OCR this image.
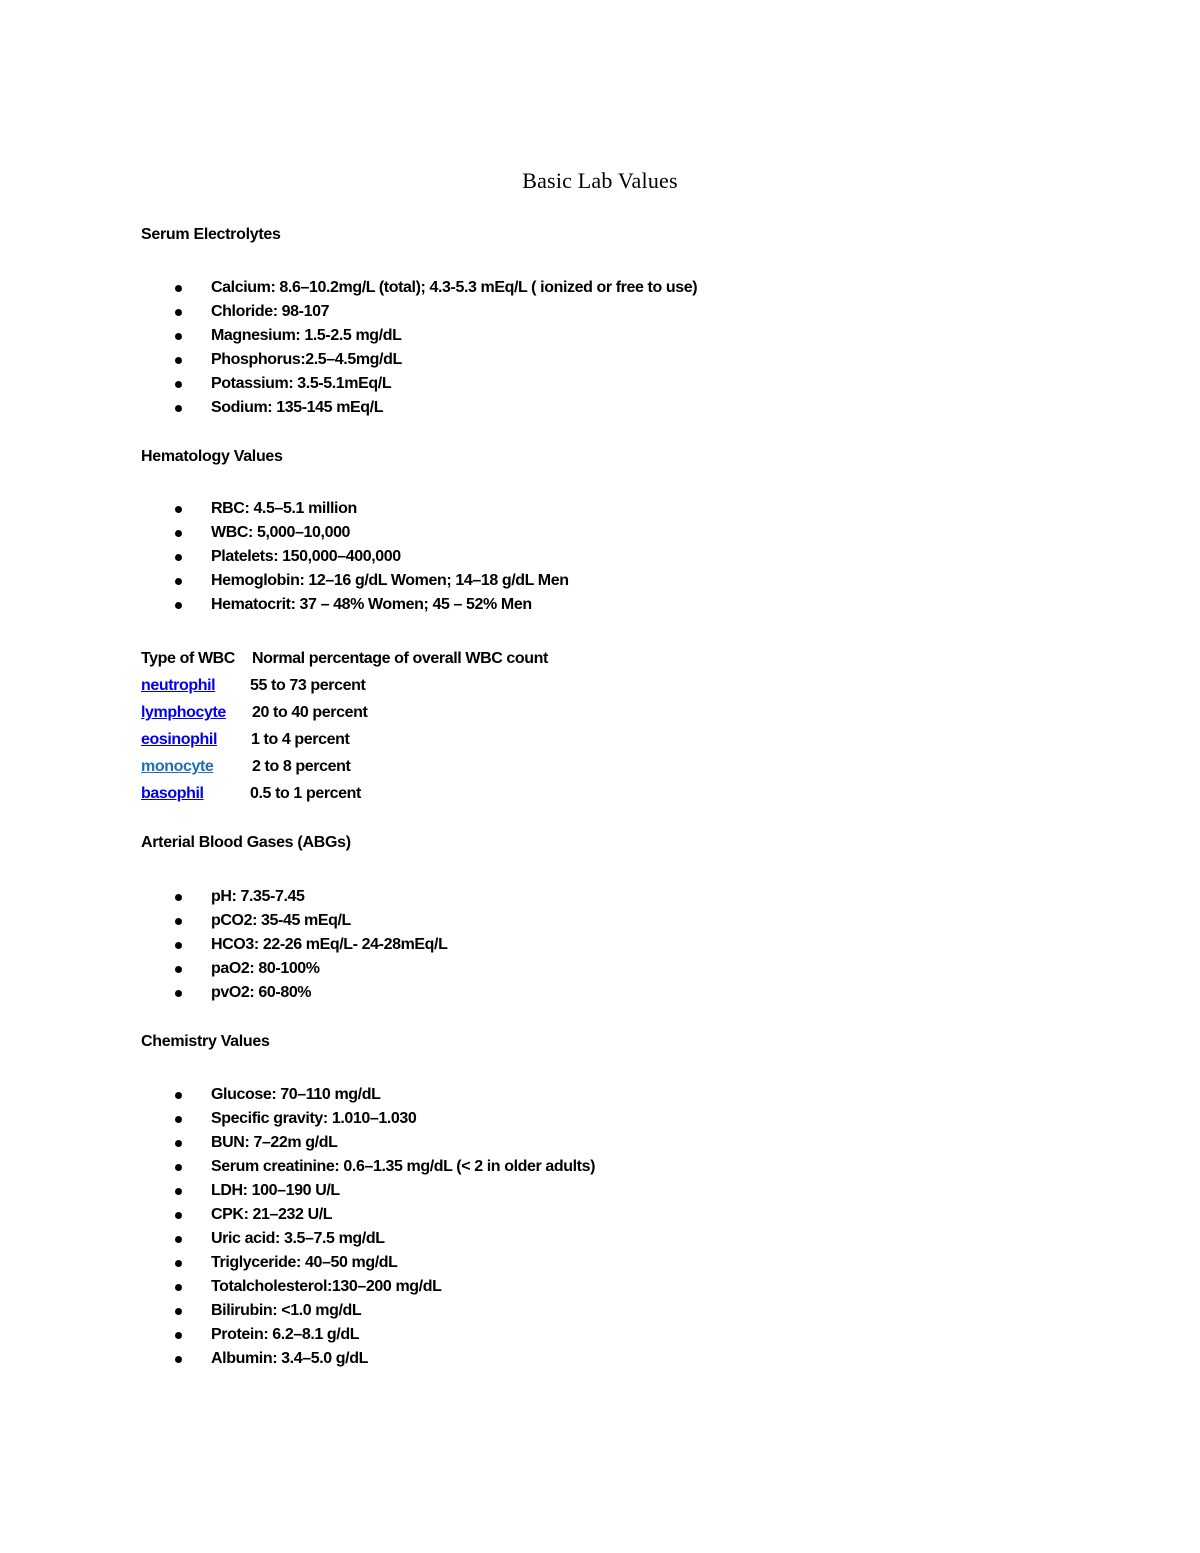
Basic Lab Values
Serum Electrolytes
Calcium: 8.6–10.2mg/L (total); 4.3-5.3 mEq/L ( ionized or free to use)
Chloride: 98-107
Magnesium: 1.5-2.5 mg/dL
Phosphorus:2.5–4.5mg/dL
Potassium: 3.5-5.1mEq/L
Sodium: 135-145 mEq/L
Hematology Values
RBC: 4.5–5.1 million
WBC: 5,000–10,000
Platelets: 150,000–400,000
Hemoglobin: 12–16 g/dL Women; 14–18 g/dL Men
Hematocrit: 37 – 48% Women; 45 – 52% Men
Type of WBC Normal percentage of overall WBC count
neutrophil 55 to 73 percent
lymphocyte 20 to 40 percent
eosinophil 1 to 4 percent
monocyte 2 to 8 percent
basophil	0.5 to 1 percent
Arterial Blood Gases (ABGs)
pH: 7.35-7.45
pCO2: 35-45 mEq/L
HCO3: 22-26 mEq/L- 24-28mEq/L
paO2: 80-100%
pvO2: 60-80%
Chemistry Values
Glucose: 70–110 mg/dL
Specific gravity: 1.010–1.030
BUN: 7–22m g/dL
Serum creatinine: 0.6–1.35 mg/dL (< 2 in older adults)
LDH: 100–190 U/L
CPK: 21–232 U/L
Uric acid: 3.5–7.5 mg/dL
Triglyceride: 40–50 mg/dL
Totalcholesterol:130–200 mg/dL
Bilirubin: <1.0 mg/dL
Protein: 6.2–8.1 g/dL
Albumin: 3.4–5.0 g/dL
